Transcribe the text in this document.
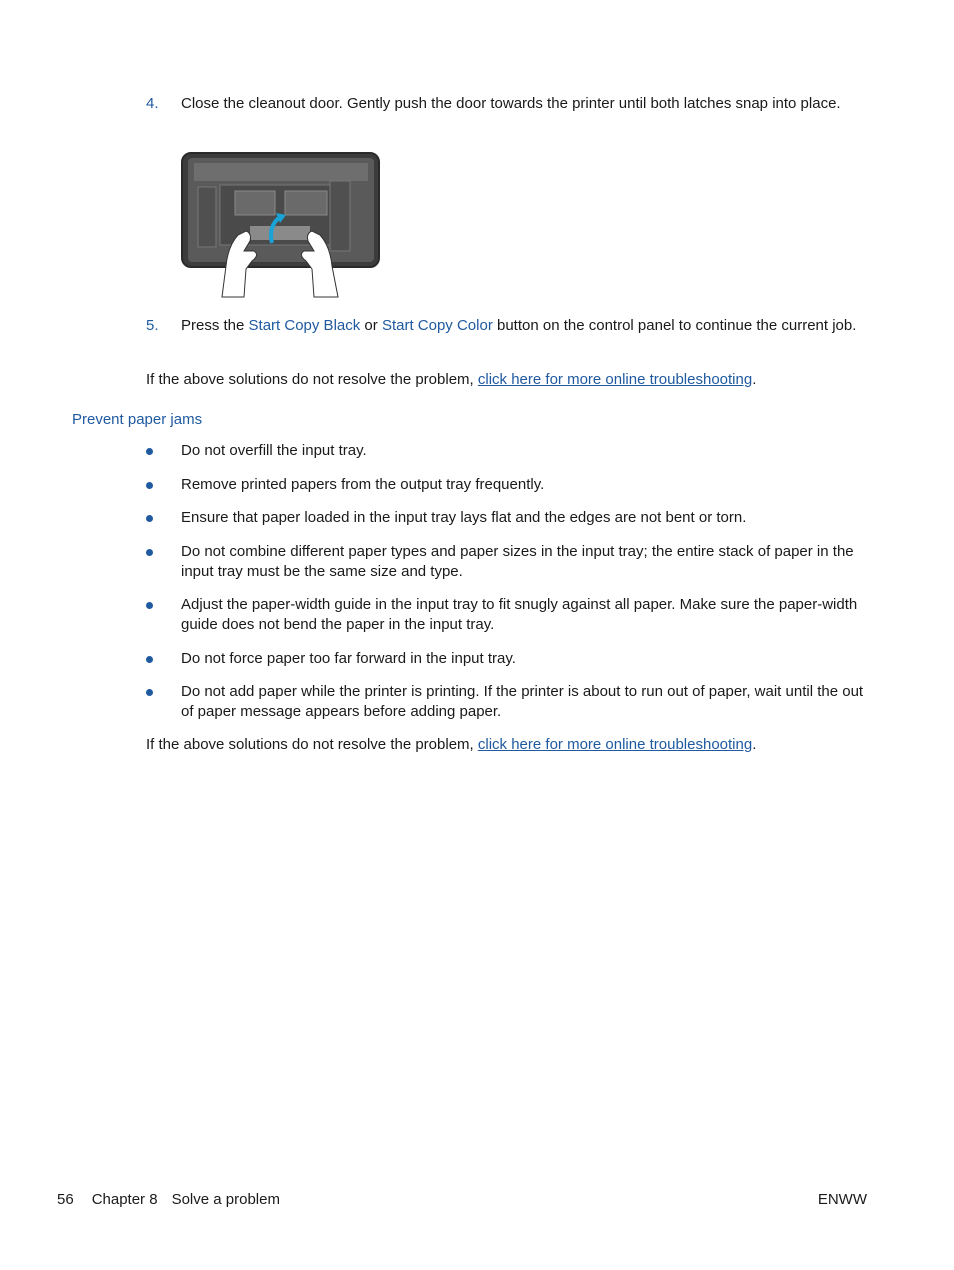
4. Close the cleanout door. Gently push the door towards the printer until both latches snap into place.
5. Press the Start Copy Black or Start Copy Color button on the control panel to continue the current job.
If the above solutions do not resolve the problem, click here for more online troubleshooting.
Prevent paper jams
Do not overfill the input tray.
Remove printed papers from the output tray frequently.
Ensure that paper loaded in the input tray lays flat and the edges are not bent or torn.
Do not combine different paper types and paper sizes in the input tray; the entire stack of paper in the input tray must be the same size and type.
Adjust the paper-width guide in the input tray to fit snugly against all paper. Make sure the paper-width guide does not bend the paper in the input tray.
Do not force paper too far forward in the input tray.
Do not add paper while the printer is printing. If the printer is about to run out of paper, wait until the out of paper message appears before adding paper.
If the above solutions do not resolve the problem, click here for more online troubleshooting.
56 Chapter 8 Solve a problem	ENWW
